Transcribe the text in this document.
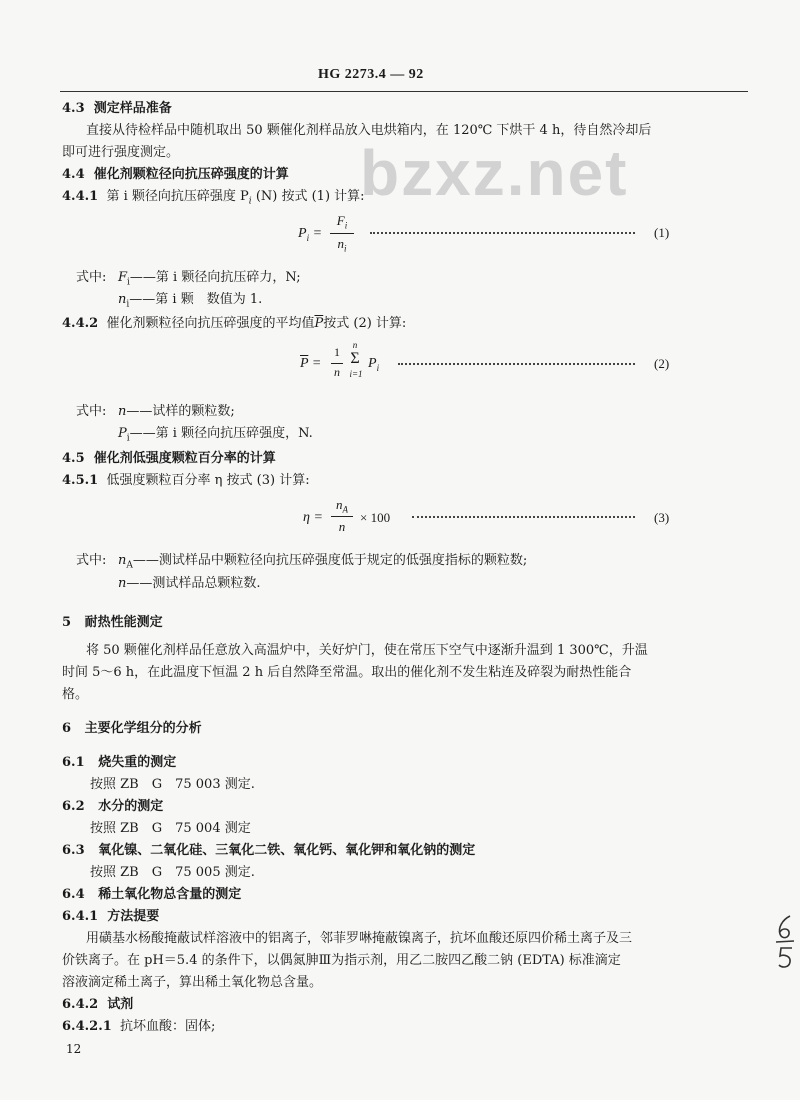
HG 2273.4 — 92
bzxz.net
4.3 测定样品准备
直接从待检样品中随机取出 50 颗催化剂样品放入电烘箱内，在 120℃ 下烘干 4 h，待自然冷却后
即可进行强度测定。
4.4 催化剂颗粒径向抗压碎强度的计算
4.4.1 第 i 颗径向抗压碎强度 $P_i$ (N) 按式 (1) 计算:
$P_i$ =
$F_i$
$n_i$
(1)
式中: $F_i——$第 i 颗径向抗压碎力，N;
$n_i——$第 i 颗　数值为 1.
4.4.2 催化剂颗粒径向抗压碎强度的平均值$\overline{P}$按式 (2) 计算:
$\overline{P}$ =
1
n
n
Σ
i=1
$P_i$	(2)
式中: n——试样的颗粒数;
$P_i——$第 i 颗径向抗压碎强度，N.
4.5 催化剂低强度颗粒百分率的计算
4.5.1 低强度颗粒百分率 η 按式 (3) 计算:
η =
$n_A$
n
× 100	(3)
式中: $n_A——$测试样品中颗粒径向抗压碎强度低于规定的低强度指标的颗粒数;
n——测试样品总颗粒数.
5 耐热性能测定
将 50 颗催化剂样品任意放入高温炉中，关好炉门，使在常压下空气中逐渐升温到 1 300℃，升温
时间 5～6 h，在此温度下恒温 2 h 后自然降至常温。取出的催化剂不发生粘连及碎裂为耐热性能合
格。
6 主要化学组分的分析
6.1 烧失重的测定
按照 ZB　G　75 003 测定.
6.2 水分的测定
按照 ZB　G　75 004 测定
6.3 氧化镍、二氧化硅、三氧化二铁、氧化钙、氧化钾和氧化钠的测定
按照 ZB　G　75 005 测定.
6.4 稀土氧化物总含量的测定
6.4.1 方法提要
用磺基水杨酸掩蔽试样溶液中的铝离子，邻菲罗啉掩蔽镍离子，抗坏血酸还原四价稀土离子及三
价铁离子。在 pH＝5.4 的条件下，以偶氮胂Ⅲ为指示剂，用乙二胺四乙酸二钠 (EDTA) 标准滴定
溶液滴定稀土离子，算出稀土氧化物总含量。
6.4.2 试剂
6.4.2.1 抗坏血酸：固体;
12
